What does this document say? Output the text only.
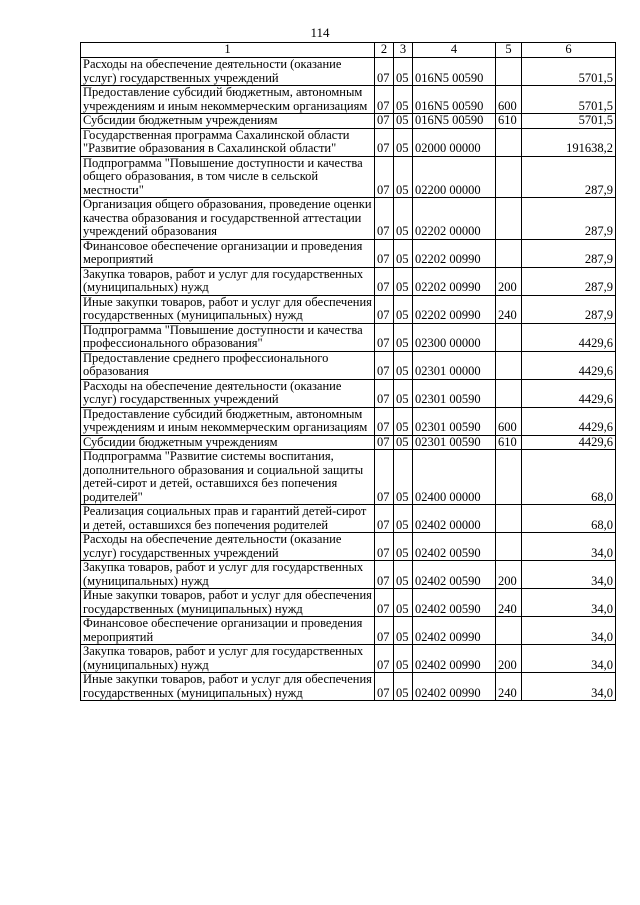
114
1	2	3	4	5	6
Расходы на обеспечение деятельности (оказание услуг) государственных учреждений	07	05	016N5 00590		5701,5
Предоставление субсидий бюджетным, автономным учреждениям и иным некоммерческим организациям	07	05	016N5 00590	600	5701,5
Субсидии бюджетным учреждениям	07	05	016N5 00590	610	5701,5
Государственная программа Сахалинской области "Развитие образования в Сахалинской области"	07	05	02000 00000		191638,2
Подпрограмма "Повышение доступности и качества общего образования, в том числе в сельской местности"	07	05	02200 00000		287,9
Организация общего образования, проведение оценки качества образования и государственной аттестации учреждений образования	07	05	02202 00000		287,9
Финансовое обеспечение организации и проведения мероприятий	07	05	02202 00990		287,9
Закупка товаров, работ и услуг для государственных (муниципальных) нужд	07	05	02202 00990	200	287,9
Иные закупки товаров, работ и услуг для обеспечения государственных (муниципальных) нужд	07	05	02202 00990	240	287,9
Подпрограмма "Повышение доступности и качества профессионального образования"	07	05	02300 00000		4429,6
Предоставление среднего профессионального образования	07	05	02301 00000		4429,6
Расходы на обеспечение деятельности (оказание услуг) государственных учреждений	07	05	02301 00590		4429,6
Предоставление субсидий бюджетным, автономным учреждениям и иным некоммерческим организациям	07	05	02301 00590	600	4429,6
Субсидии бюджетным учреждениям	07	05	02301 00590	610	4429,6
Подпрограмма "Развитие системы воспитания, дополнительного образования и социальной защиты детей-сирот и детей, оставшихся без попечения родителей"	07	05	02400 00000		68,0
Реализация социальных прав и гарантий детей-сирот и детей, оставшихся без попечения родителей	07	05	02402 00000		68,0
Расходы на обеспечение деятельности (оказание услуг) государственных учреждений	07	05	02402 00590		34,0
Закупка товаров, работ и услуг для государственных (муниципальных) нужд	07	05	02402 00590	200	34,0
Иные закупки товаров, работ и услуг для обеспечения государственных (муниципальных) нужд	07	05	02402 00590	240	34,0
Финансовое обеспечение организации и проведения мероприятий	07	05	02402 00990		34,0
Закупка товаров, работ и услуг для государственных (муниципальных) нужд	07	05	02402 00990	200	34,0
Иные закупки товаров, работ и услуг для обеспечения государственных (муниципальных) нужд	07	05	02402 00990	240	34,0
